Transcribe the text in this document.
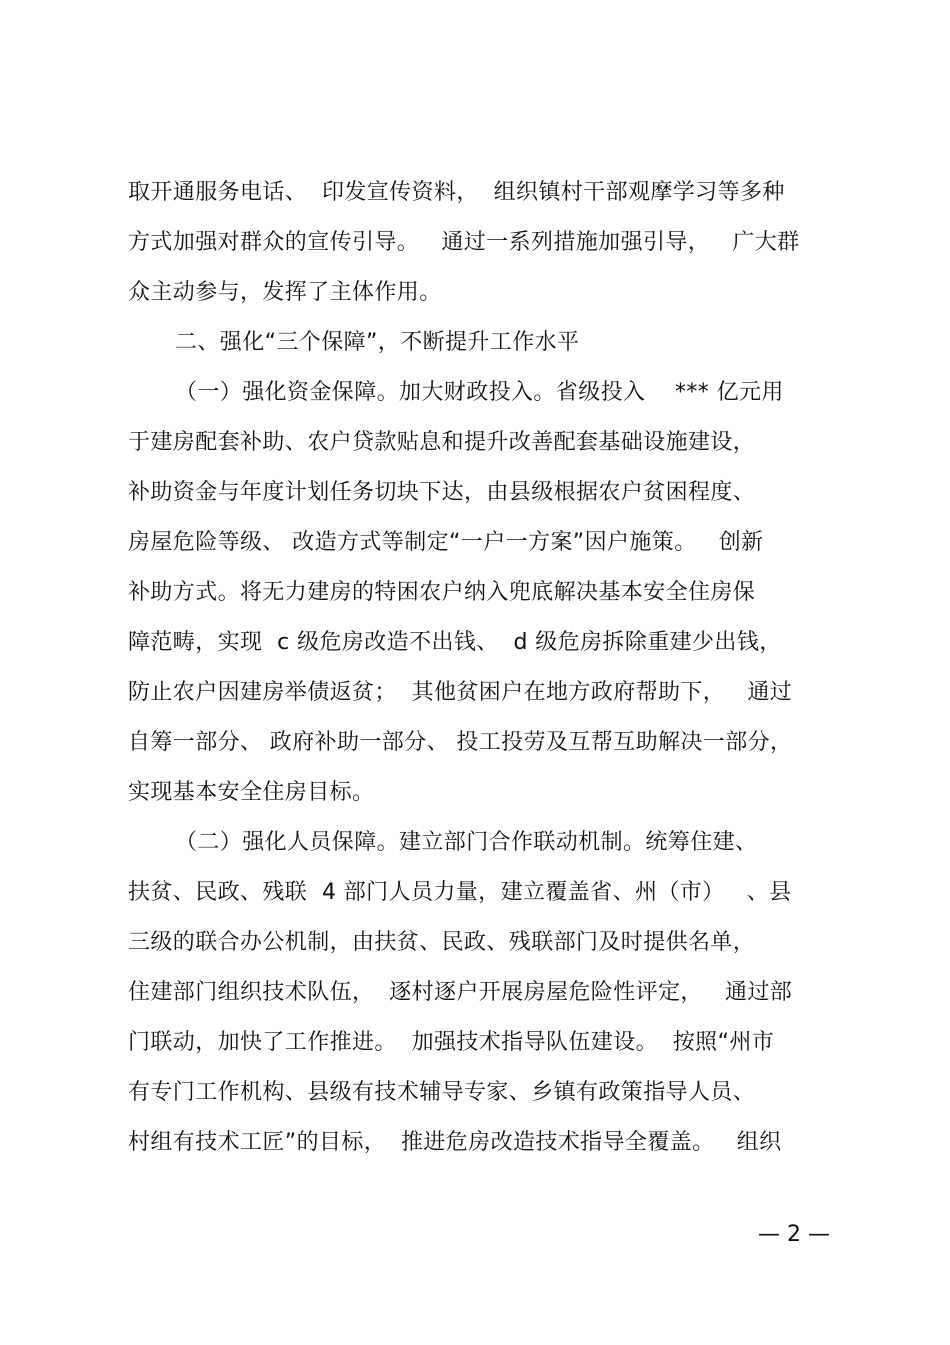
取开通服务电话、  印发宣传资料，  组织镇村干部观摩学习等多种
方式加强对群众的宣传引导。   通过一系列措施加强引导，   广大群
众主动参与，发挥了主体作用。
二、强化“三个保障”，不断提升工作水平
（一）强化资金保障。加大财政投入。省级投入    *** 亿元用
于建房配套补助、农户贷款贴息和提升改善配套基础设施建设，
补助资金与年度计划任务切块下达，由县级根据农户贫困程度、
房屋危险等级、 改造方式等制定“一户一方案”因户施策。   创新
补助方式。将无力建房的特困农户纳入兜底解决基本安全住房保
障范畴，实现  c 级危房改造不出钱、  d 级危房拆除重建少出钱，
防止农户因建房举债返贫；  其他贫困户在地方政府帮助下，   通过
自筹一部分、 政府补助一部分、 投工投劳及互帮互助解决一部分，
实现基本安全住房目标。
（二）强化人员保障。建立部门合作联动机制。统筹住建、
扶贫、民政、残联  4 部门人员力量，建立覆盖省、州（市）   、县
三级的联合办公机制，由扶贫、民政、残联部门及时提供名单，
住建部门组织技术队伍，  逐村逐户开展房屋危险性评定，   通过部
门联动，加快了工作推进。  加强技术指导队伍建设。  按照“州市
有专门工作机构、县级有技术辅导专家、乡镇有政策指导人员、
村组有技术工匠”的目标，  推进危房改造技术指导全覆盖。   组织
— 2 —
